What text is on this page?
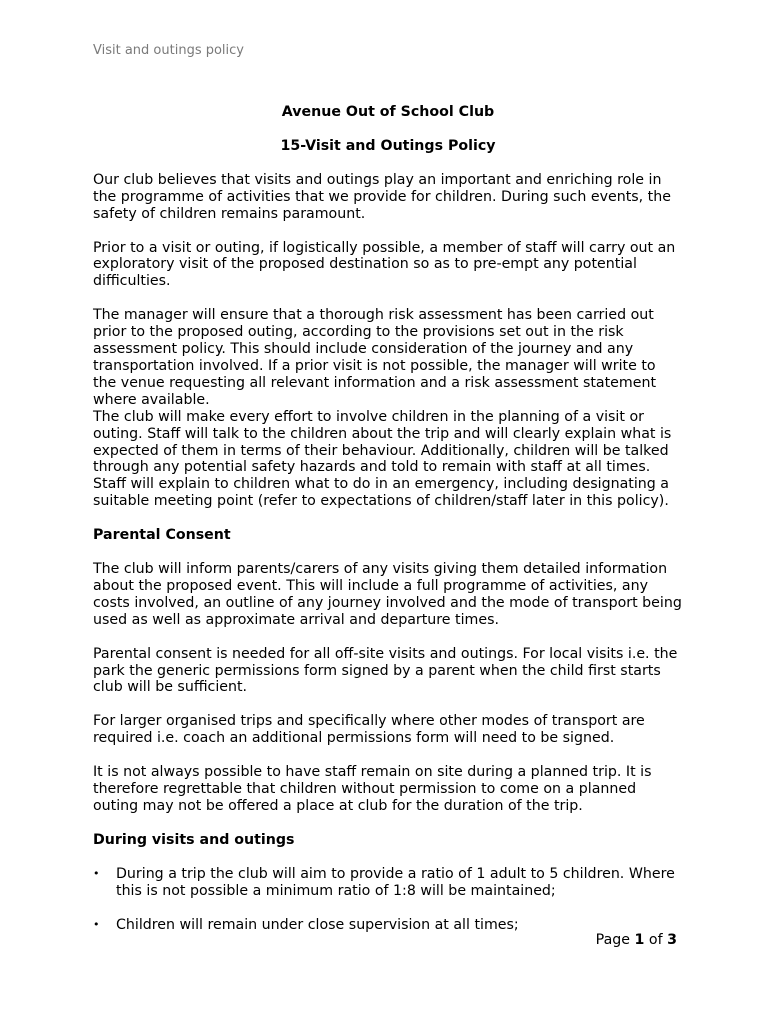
Visit and outings policy
Avenue Out of School Club
15-Visit and Outings Policy

Our club believes that visits and outings play an important and enriching role in the programme of activities that we provide for children. During such events, the safety of children remains paramount.

Prior to a visit or outing, if logistically possible, a member of staff will carry out an exploratory visit of the proposed destination so as to pre-empt any potential difficulties.

The manager will ensure that a thorough risk assessment has been carried out prior to the proposed outing, according to the provisions set out in the risk assessment policy. This should include consideration of the journey and any transportation involved. If a prior visit is not possible, the manager will write to the venue requesting all relevant information and a risk assessment statement where available.

The club will make every effort to involve children in the planning of a visit or outing. Staff will talk to the children about the trip and will clearly explain what is expected of them in terms of their behaviour. Additionally, children will be talked through any potential safety hazards and told to remain with staff at all times. Staff will explain to children what to do in an emergency, including designating a suitable meeting point (refer to expectations of children/staff later in this policy).

Parental Consent

The club will inform parents/carers of any visits giving them detailed information about the proposed event. This will include a full programme of activities, any costs involved, an outline of any journey involved and the mode of transport being used as well as approximate arrival and departure times.

Parental consent is needed for all off-site visits and outings. For local visits i.e. the park the generic permissions form signed by a parent when the child first starts club will be sufficient.

For larger organised trips and specifically where other modes of transport are required i.e. coach an additional permissions form will need to be signed.

It is not always possible to have staff remain on site during a planned trip. It is therefore regrettable that children without permission to come on a planned outing may not be offered a place at club for the duration of the trip.

During visits and outings
• During a trip the club will aim to provide a ratio of 1 adult to 5 children. Where this is not possible a minimum ratio of 1:8 will be maintained;
• Children will remain under close supervision at all times;
Page 1 of 3
